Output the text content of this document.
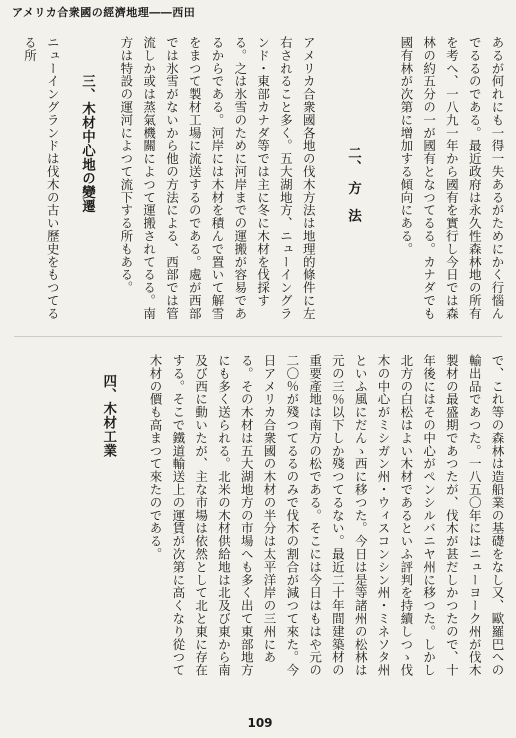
アメリカ合衆國の經濟地理――西田

あるが何れにも一得一失あるがためにかく行惱んでるるのである。最近政府は永久性森林地の所有を考へ、一八九一年から國有を實行し今日では森林の約五分の一が國有となつてるる。カナダでも國有林が次第に增加する傾向にある。

二、　方　法

アメリカ合衆國各地の伐木方法は地理的條件に左右されること多く。五大湖地方、ニューイングランド・東部カナダ等では主に冬に木材を伐採する。之は氷雪のために河岸までの運搬が容易であるからである。河岸には木材を積んで置いて解雪をまつて製材工場に流送するのである。處が西部では氷雪がないから他の方法による、西部では管流しか或は蒸氣機關によつて運搬されてるる。南方は特設の運河によつて流下する所もある。

三、木材中心地の變遷

ニューイングランドは伐木の古い歷史をもつてるる所

で、これ等の森林は造船業の基礎をなし又、歐羅巴への輸出品であつた。一八五〇年にはニューヨーク州が伐木製材の最盛期であつたが、伐木が甚だしかつたので、十年後にはその中心がペンシルバニヤ州に移つた。しかし北方の白松はよい木材であるといふ評判を持續しつゝ伐木の中心がミシガン州・ウィスコンシン州・ミネソタ州といふ風にだんゝ西に移つた。今日は是等諸州の松林は元の三％以下しか殘つてるない。最近二十年間建築材の重要產地は南方の松である。そこには今日はもはや元の二〇％が殘つてるるのみで伐木の割合が減つて來た。今日アメリカ合衆國の木材の半分は太平洋岸の三州にある。その木材は五大湖地方の市場へも多く出て東部地方にも多く送られる。北米の木材供給地は北及び東から南及び西に動いたが、主な市場は依然として北と東に存在する。そこで鐵道輸送上の運賃が次第に高くなり從つて木材の價も高まつて來たのである。

四、木材工業

109
